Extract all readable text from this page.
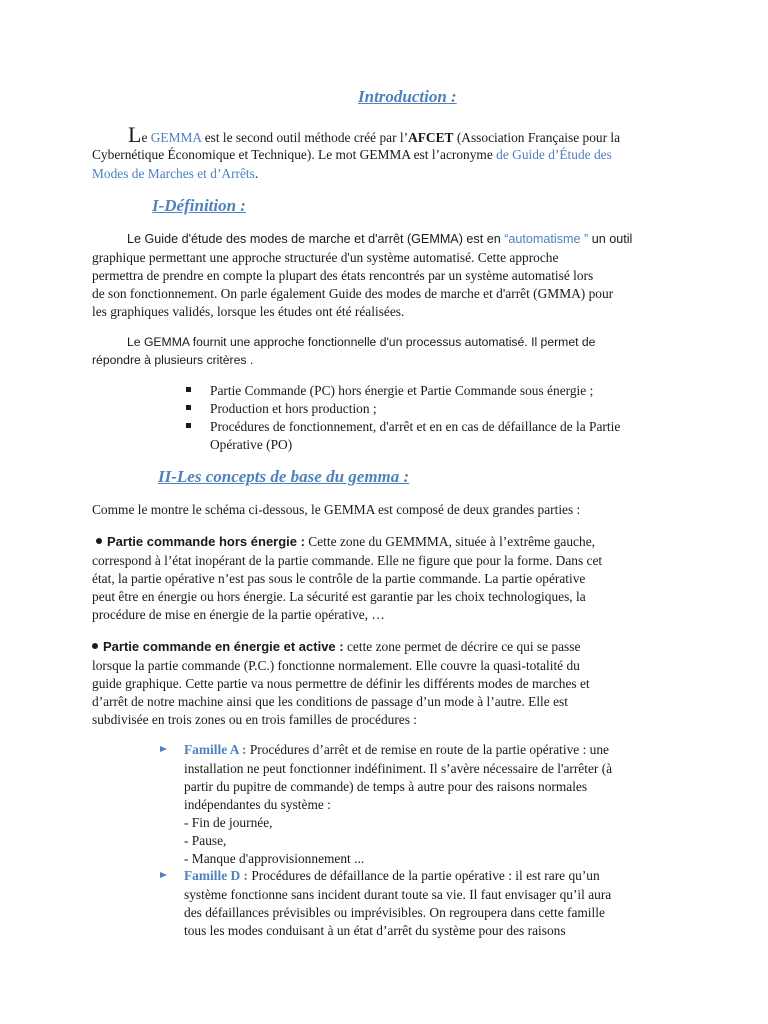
Introduction :

Le GEMMA est le second outil méthode créé par l’AFCET (Association Française pour la

Cybernétique Économique et Technique). Le mot GEMMA est l’acronyme de Guide d’Étude des

Modes de Marches et d’Arrêts.

I-Définition :

Le Guide d'étude des modes de marche et d'arrêt (GEMMA) est en “automatisme ” un outil

graphique permettant une approche structurée d'un système automatisé. Cette approche

permettra de prendre en compte la plupart des états rencontrés par un système automatisé lors

de son fonctionnement. On parle également Guide des modes de marche et d'arrêt (GMMA) pour

les graphiques validés, lorsque les études ont été réalisées.

Le GEMMA fournit une approche fonctionnelle d'un processus automatisé. Il permet de

répondre à plusieurs critères .

Partie Commande (PC) hors énergie et Partie Commande sous énergie ;
Production et hors production ;
Procédures de fonctionnement, d'arrêt et en en cas de défaillance de la Partie
Opérative (PO)
II-Les concepts de base du gemma :

Comme le montre le schéma ci-dessous, le GEMMA est composé de deux grandes parties :

Partie commande hors énergie : Cette zone du GEMMMA, située à l’extrême gauche,

correspond à l’état inopérant de la partie commande. Elle ne figure que pour la forme. Dans cet

état, la partie opérative n’est pas sous le contrôle de la partie commande. La partie opérative

peut être en énergie ou hors énergie. La sécurité est garantie par les choix technologiques, la

procédure de mise en énergie de la partie opérative, …

Partie commande en énergie et active : cette zone permet de décrire ce qui se passe

lorsque la partie commande (P.C.) fonctionne normalement. Elle couvre la quasi-totalité du

guide graphique. Cette partie va nous permettre de définir les différents modes de marches et

d’arrêt de notre machine ainsi que les conditions de passage d’un mode à l’autre. Elle est

subdivisée en trois zones ou en trois familles de procédures :

Famille A : Procédures d’arrêt et de remise en route de la partie opérative : une

installation ne peut fonctionner indéfiniment. Il s’avère nécessaire de l'arrêter (à

partir du pupitre de commande) de temps à autre pour des raisons normales

indépendantes du système :

- Fin de journée,

- Pause,

- Manque d'approvisionnement ...

Famille D : Procédures de défaillance de la partie opérative : il est rare qu’un

système fonctionne sans incident durant toute sa vie. Il faut envisager qu’il aura

des défaillances prévisibles ou imprévisibles. On regroupera dans cette famille

tous les modes conduisant à un état d’arrêt du système pour des raisons
